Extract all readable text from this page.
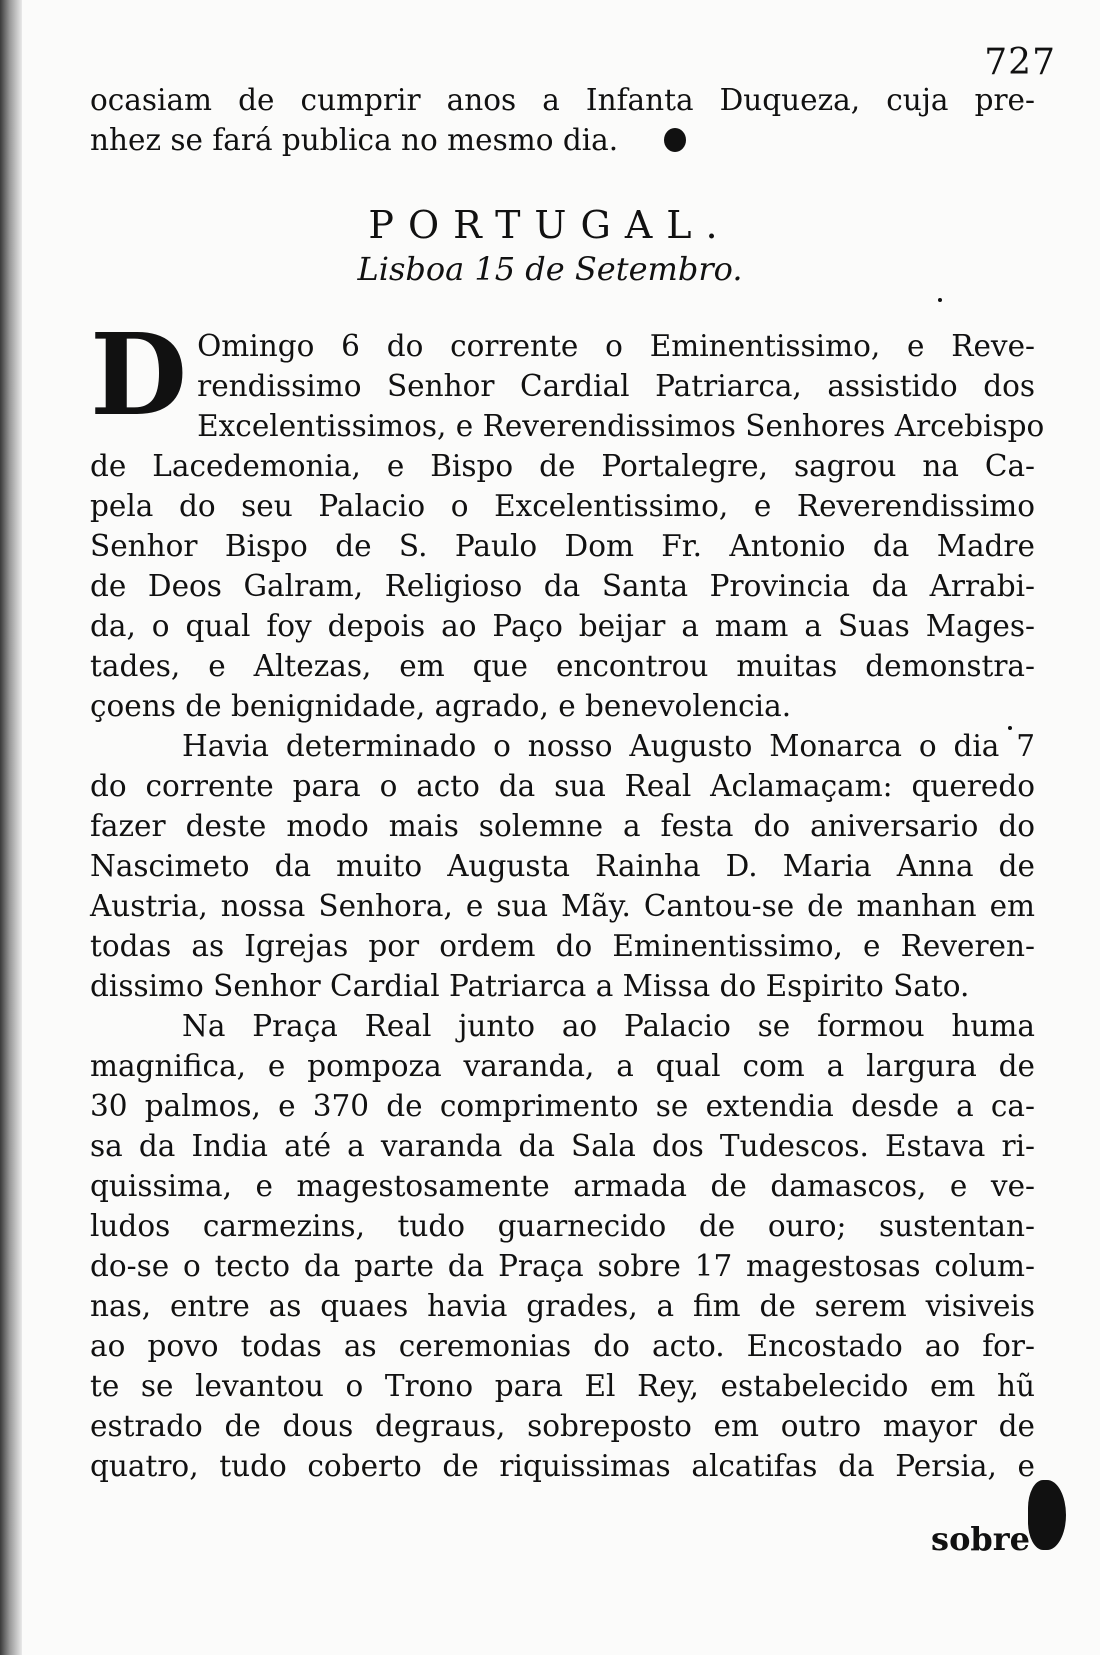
727
ocasiam de cumprir anos a Infanta Duqueza, cuja pre-
nhez se fará publica no mesmo dia.
PORTUGAL.
Lisboa 15 de Setembro.
D Omingo 6 do corrente o Eminentissimo, e Reve-
rendissimo Senhor Cardial Patriarca, assistido dos
Excelentissimos, e Reverendissimos Senhores Arcebispo
de Lacedemonia, e Bispo de Portalegre, sagrou na Ca-
pela do seu Palacio o Excelentissimo, e Reverendissimo
Senhor Bispo de S. Paulo Dom Fr. Antonio da Madre
de Deos Galram, Religioso da Santa Provincia da Arrabi-
da, o qual foy depois ao Paço beijar a mam a Suas Mages-
tades, e Altezas, em que encontrou muitas demonstra-
çoens de benignidade, agrado, e benevolencia.
Havia determinado o nosso Augusto Monarca o dia 7
do corrente para o acto da sua Real Aclamaçam: queredo
fazer deste modo mais solemne a festa do aniversario do
Nascimeto da muito Augusta Rainha D. Maria Anna de
Austria, nossa Senhora, e sua Mãy. Cantou-se de manhan em
todas as Igrejas por ordem do Eminentissimo, e Reveren-
dissimo Senhor Cardial Patriarca a Missa do Espirito Sato.
Na Praça Real junto ao Palacio se formou huma
magnifica, e pompoza varanda, a qual com a largura de
30 palmos, e 370 de comprimento se extendia desde a ca-
sa da India até a varanda da Sala dos Tudescos. Estava ri-
quissima, e magestosamente armada de damascos, e ve-
ludos carmezins, tudo guarnecido de ouro; sustentan-
do-se o tecto da parte da Praça sobre 17 magestosas colum-
nas, entre as quaes havia grades, a fim de serem visiveis
ao povo todas as ceremonias do acto. Encostado ao for-
te se levantou o Trono para El Rey, estabelecido em hũ
estrado de dous degraus, sobreposto em outro mayor de
quatro, tudo coberto de riquissimas alcatifas da Persia, e
sobre
